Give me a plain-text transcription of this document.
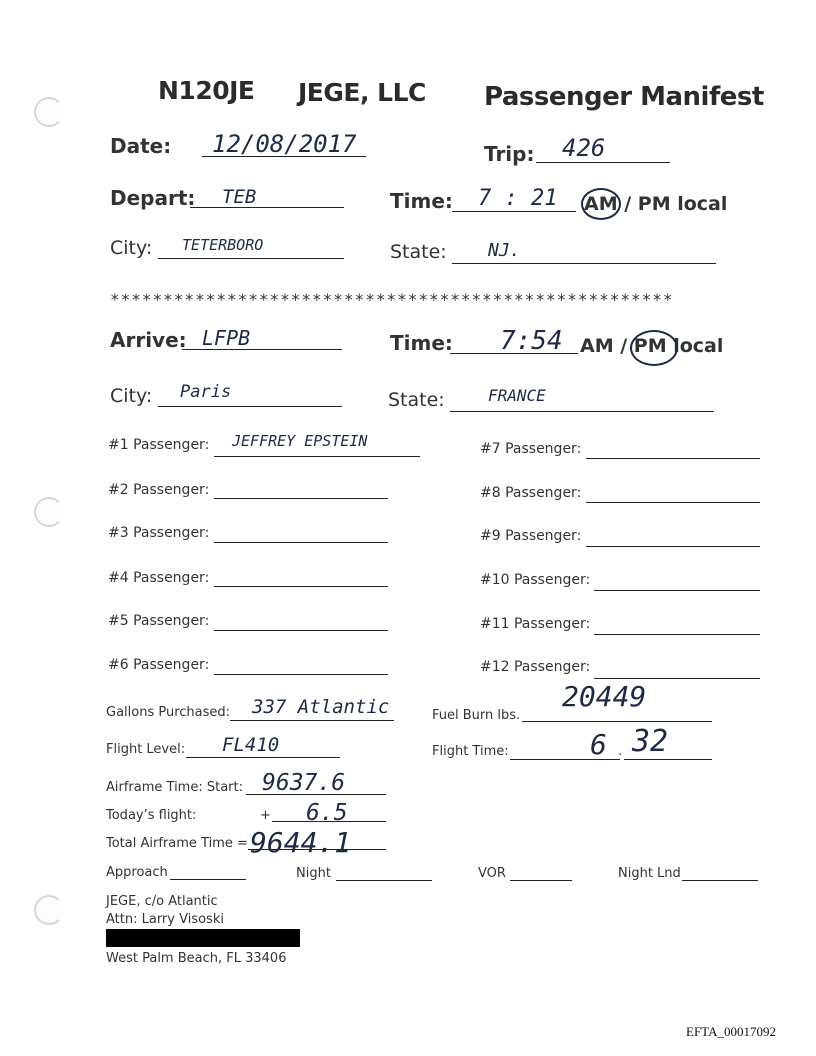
N120JE JEGE, LLC Passenger Manifest
Date: 12/08/2017	Trip: 426
Depart: TEB	Time: 7 : 21 AM / PM local
City: TETERBORO	State: NJ.
*****************************************************
Arrive: LFPB	Time: 7:54 AM / PM local
City: Paris	State:	FRANCE
#1 Passenger: JEFFREY EPSTEIN
#2 Passenger:
#3 Passenger:
#4 Passenger:
#5 Passenger:
#6 Passenger:
#7 Passenger:
#8 Passenger:
#9 Passenger:
#10 Passenger:
#11 Passenger:
#12 Passenger:
Gallons Purchased: 337 Atlantic	Fuel Burn lbs.
20449
Flight Level: FL410	Flight Time:	6 . 32
Airframe Time: Start: 9637.6
Today’s flight:	+ 6.5
Total Airframe Time = 9644.1
Approach	Night	VOR	Night Lnd
JEGE, c/o Atlantic
Attn: Larry Visoski
West Palm Beach, FL 33406
EFTA_00017092
